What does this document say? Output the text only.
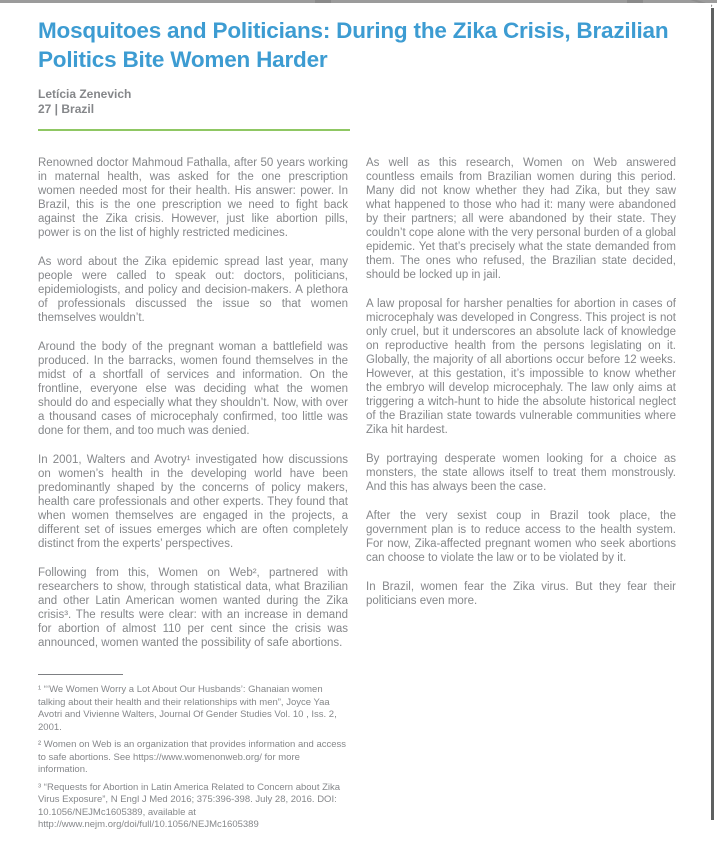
Mosquitoes and Politicians: During the Zika Crisis, Brazilian Politics Bite Women Harder
Letícia Zenevich
27 | Brazil

Renowned doctor Mahmoud Fathalla, after 50 years working in maternal health, was asked for the one prescription women needed most for their health. His answer: power. In Brazil, this is the one prescription we need to fight back against the Zika crisis. However, just like abortion pills, power is on the list of highly restricted medicines.

As word about the Zika epidemic spread last year, many people were called to speak out: doctors, politicians, epidemiologists, and policy and decision-makers. A plethora of professionals discussed the issue so that women themselves wouldn’t.

Around the body of the pregnant woman a battlefield was produced. In the barracks, women found themselves in the midst of a shortfall of services and information. On the frontline, everyone else was deciding what the women should do and especially what they shouldn’t. Now, with over a thousand cases of microcephaly confirmed, too little was done for them, and too much was denied.

In 2001, Walters and Avotry¹ investigated how discussions on women’s health in the developing world have been predominantly shaped by the concerns of policy makers, health care professionals and other experts. They found that when women themselves are engaged in the projects, a different set of issues emerges which are often completely distinct from the experts’ perspectives.

Following from this, Women on Web², partnered with researchers to show, through statistical data, what Brazilian and other Latin American women wanted during the Zika crisis³. The results were clear: with an increase in demand for abortion of almost 110 per cent since the crisis was announced, women wanted the possibility of safe abortions.

¹ “‘We Women Worry a Lot About Our Husbands’: Ghanaian women talking about their health and their relationships with men”, Joyce Yaa Avotri and Vivienne Walters, Journal Of Gender Studies Vol. 10 , Iss. 2, 2001.

² Women on Web is an organization that provides information and access to safe abortions. See https://www.womenonweb.org/ for more information.

³ “Requests for Abortion in Latin America Related to Concern about Zika Virus Exposure”, N Engl J Med 2016; 375:396-398. July 28, 2016. DOI: 10.1056/NEJMc1605389, available at http://www.nejm.org/doi/full/10.1056/NEJMc1605389

As well as this research, Women on Web answered countless emails from Brazilian women during this period. Many did not know whether they had Zika, but they saw what happened to those who had it: many were abandoned by their partners; all were abandoned by their state. They couldn’t cope alone with the very personal burden of a global epidemic. Yet that’s precisely what the state demanded from them. The ones who refused, the Brazilian state decided, should be locked up in jail.

A law proposal for harsher penalties for abortion in cases of microcephaly was developed in Congress. This project is not only cruel, but it underscores an absolute lack of knowledge on reproductive health from the persons legislating on it. Globally, the majority of all abortions occur before 12 weeks. However, at this gestation, it’s impossible to know whether the embryo will develop microcephaly. The law only aims at triggering a witch-hunt to hide the absolute historical neglect of the Brazilian state towards vulnerable communities where Zika hit hardest.

By portraying desperate women looking for a choice as monsters, the state allows itself to treat them monstrously. And this has always been the case.

After the very sexist coup in Brazil took place, the government plan is to reduce access to the health system. For now, Zika-affected pregnant women who seek abortions can choose to violate the law or to be violated by it.

In Brazil, women fear the Zika virus. But they fear their politicians even more.
